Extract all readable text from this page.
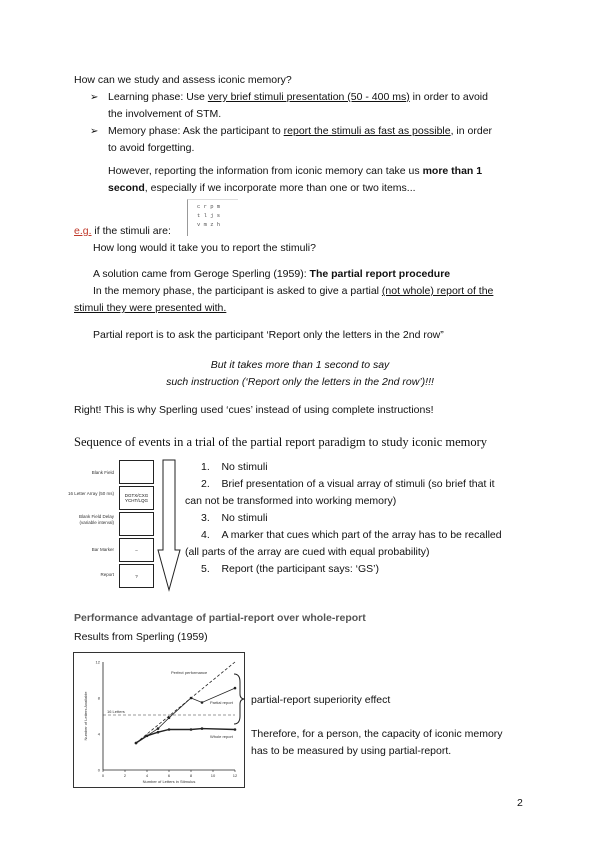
How can we study and assess iconic memory?
➢ Learning phase: Use very brief stimuli presentation (50 - 400 ms) in order to avoid
the involvement of STM.
➢ Memory phase: Ask the participant to report the stimuli as fast as possible, in order
to avoid forgetting.
However, reporting the information from iconic memory can take us more than 1
second, especially if we incorporate more than one or two items...
c r p m
t l j s
v m z h
e.g. if the stimuli are:
How long would it take you to report the stimuli?
A solution came from Geroge Sperling (1959): The partial report procedure
In the memory phase, the participant is asked to give a partial (not whole) report of the
stimuli they were presented with.
Partial report is to ask the participant ‘Report only the letters in the 2nd row”
But it takes more than 1 second to say
such instruction (‘Report only the letters in the 2nd row’)!!!
Right! This is why Sperling used ‘cues’ instead of using complete instructions!
Sequence of events in a trial of the partial report paradigm to study iconic memory
Blank Field
16 Letter Array (50 ms)	DGTX/CXG YCHT/LQG
Blank Field Delay (variable interval)
Bar Marker	–
Report	?
1. No stimuli
2. Brief presentation of a visual array of stimuli (so brief that it
can not be transformed into working memory)
3. No stimuli
4. A marker that cues which part of the array has to be recalled
(all parts of the array are cued with equal probability)
5. Report (the participant says: ‘GS’)
Performance advantage of partial-report over whole-report
Results from Sperling (1959)
0	2	4	6	8	10	12
0
4
8
12
Number of Letters in Stimulus
Number of Letters Available
Perfect performance
Partial report
Whole report
16 Letters
partial-report superiority effect
Therefore, for a person, the capacity of iconic memory
has to be measured by using partial-report.
2
